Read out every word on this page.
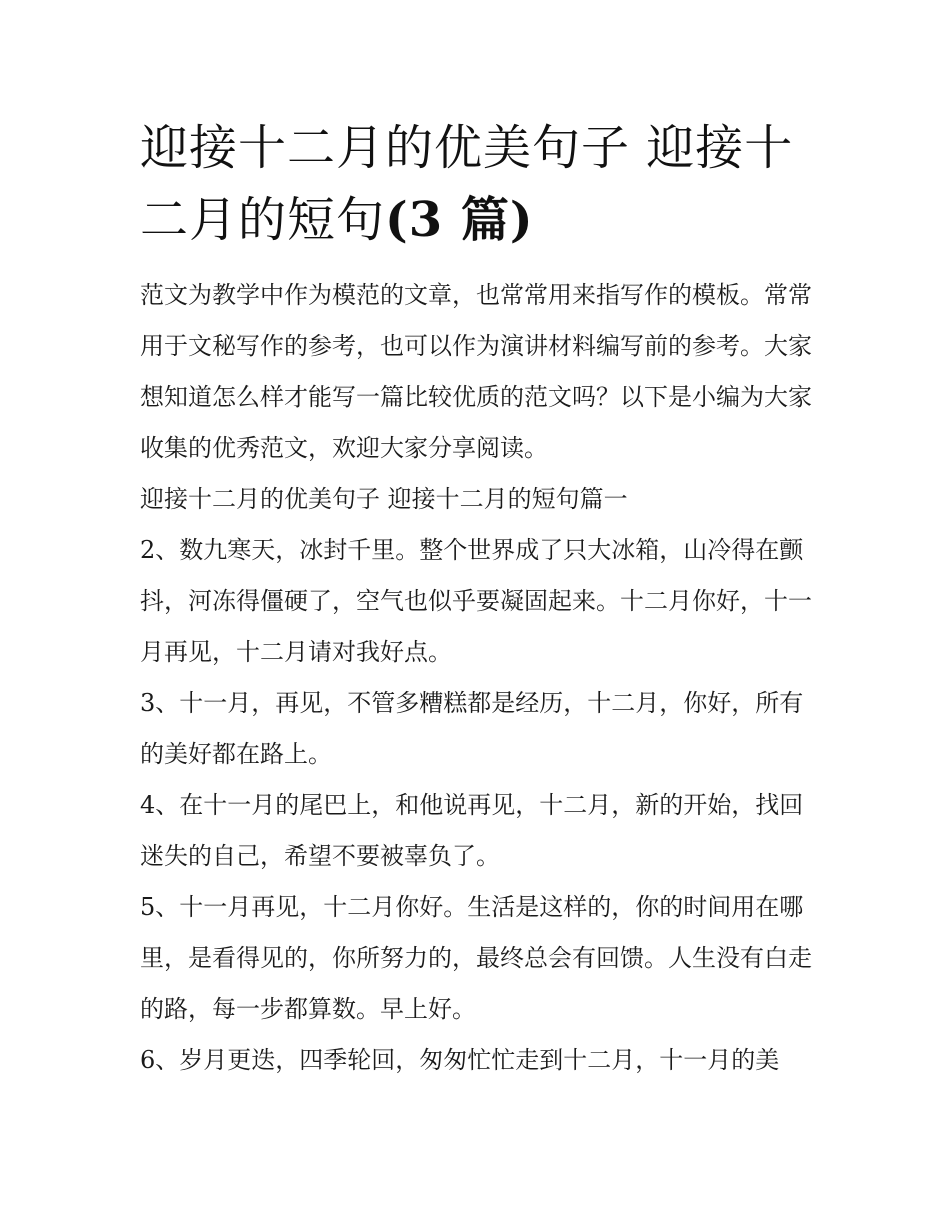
迎接十二月的优美句子 迎接十
二月的短句(3 篇)

范文为教学中作为模范的文章，也常常用来指写作的模板。常常用于文秘写作的参考，也可以作为演讲材料编写前的参考。大家想知道怎么样才能写一篇比较优质的范文吗？以下是小编为大家收集的优秀范文，欢迎大家分享阅读。

迎接十二月的优美句子 迎接十二月的短句篇一

2、数九寒天，冰封千里。整个世界成了只大冰箱，山冷得在颤抖，河冻得僵硬了，空气也似乎要凝固起来。十二月你好，十一月再见，十二月请对我好点。

3、十一月，再见，不管多糟糕都是经历，十二月，你好，所有的美好都在路上。

4、在十一月的尾巴上，和他说再见，十二月，新的开始，找回迷失的自己，希望不要被辜负了。

5、十一月再见，十二月你好。生活是这样的，你的时间用在哪里，是看得见的，你所努力的，最终总会有回馈。人生没有白走的路，每一步都算数。早上好。

6、岁月更迭，四季轮回，匆匆忙忙走到十二月，十一月的美
